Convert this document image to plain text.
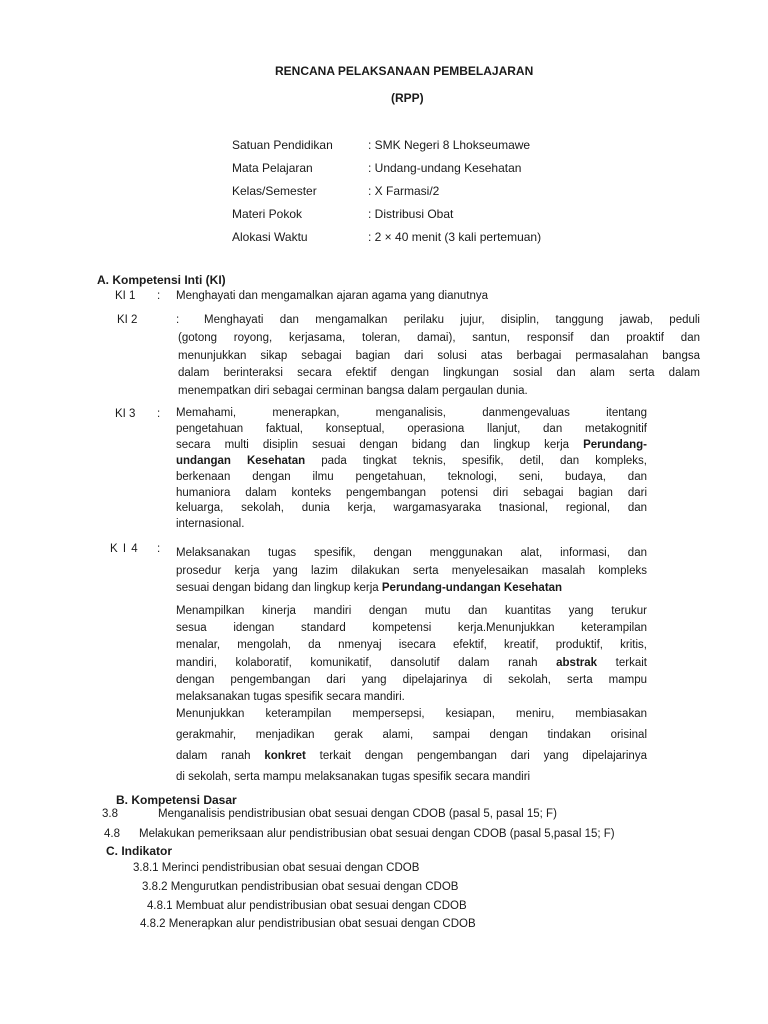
RENCANA PELAKSANAAN PEMBELAJARAN
(RPP)
Satuan Pendidikan	: SMK Negeri 8 Lhokseumawe
Mata Pelajaran	: Undang-undang Kesehatan
Kelas/Semester	: X Farmasi/2
Materi Pokok	: Distribusi Obat
Alokasi Waktu	: 2 × 40 menit (3 kali pertemuan)
A. Kompetensi Inti (KI)
KI 1 : Menghayati dan mengamalkan ajaran agama yang dianutnya
KI 2	:	Menghayati dan mengamalkan perilaku jujur, disiplin, tanggung jawab, peduli
(gotong royong, kerjasama, toleran, damai), santun, responsif dan proaktif dan
menunjukkan sikap sebagai bagian dari solusi atas berbagai permasalahan bangsa
dalam berinteraksi secara efektif dengan lingkungan sosial dan alam serta dalam
menempatkan diri sebagai cerminan bangsa dalam pergaulan dunia.
KI 3 : Memahami, menerapkan, menganalisis, danmengevaluas itentang
pengetahuan faktual, konseptual, operasiona llanjut, dan metakognitif
secara multi disiplin sesuai dengan bidang dan lingkup kerja Perundang-
undangan Kesehatan pada tingkat teknis, spesifik, detil, dan kompleks,
berkenaan dengan ilmu pengetahuan, teknologi, seni, budaya, dan
humaniora dalam konteks pengembangan potensi diri sebagai bagian dari
keluarga, sekolah, dunia kerja, wargamasyaraka tnasional, regional, dan
internasional.
K I 4 : Melaksanakan tugas spesifik, dengan menggunakan alat, informasi, dan
prosedur kerja yang lazim dilakukan serta menyelesaikan masalah kompleks
sesuai dengan bidang dan lingkup kerja Perundang-undangan Kesehatan
Menampilkan kinerja mandiri dengan mutu dan kuantitas yang terukur
sesua idengan standard kompetensi kerja.Menunjukkan keterampilan
menalar, mengolah, da nmenyaj isecara efektif, kreatif, produktif, kritis,
mandiri, kolaboratif, komunikatif, dansolutif dalam ranah abstrak terkait
dengan pengembangan dari yang dipelajarinya di sekolah, serta mampu
melaksanakan tugas spesifik secara mandiri.
Menunjukkan keterampilan mempersepsi, kesiapan, meniru, membiasakan
gerakmahir, menjadikan gerak alami, sampai dengan tindakan orisinal
dalam ranah konkret terkait dengan pengembangan dari yang dipelajarinya
di sekolah, serta mampu melaksanakan tugas spesifik secara mandiri
B. Kompetensi Dasar
3.8	Menganalisis pendistribusian obat sesuai dengan CDOB (pasal 5, pasal 15; F)
4.8 Melakukan pemeriksaan alur pendistribusian obat sesuai dengan CDOB (pasal 5,pasal 15; F)
C. Indikator
3.8.1 Merinci pendistribusian obat sesuai dengan CDOB
3.8.2 Mengurutkan pendistribusian obat sesuai dengan CDOB
4.8.1 Membuat alur pendistribusian obat sesuai dengan CDOB
4.8.2 Menerapkan alur pendistribusian obat sesuai dengan CDOB
